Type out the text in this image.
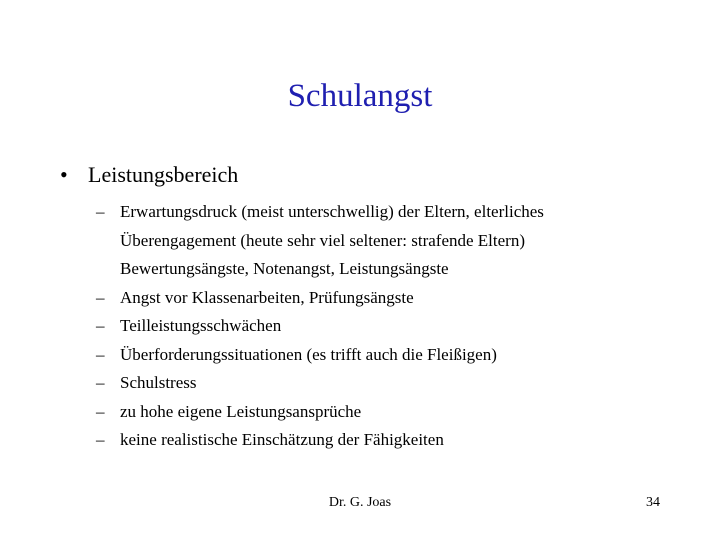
Schulangst
• Leistungsbereich
– Erwartungsdruck (meist unterschwellig) der Eltern, elterliches Überengagement (heute sehr viel seltener: strafende Eltern) Bewertungsängste, Notenangst, Leistungsängste
– Angst vor Klassenarbeiten, Prüfungsängste
– Teilleistungsschwächen
– Überforderungssituationen (es trifft auch die Fleißigen)
– Schulstress
– zu hohe eigene Leistungsansprüche
– keine realistische Einschätzung der Fähigkeiten
Dr. G. Joas	34
